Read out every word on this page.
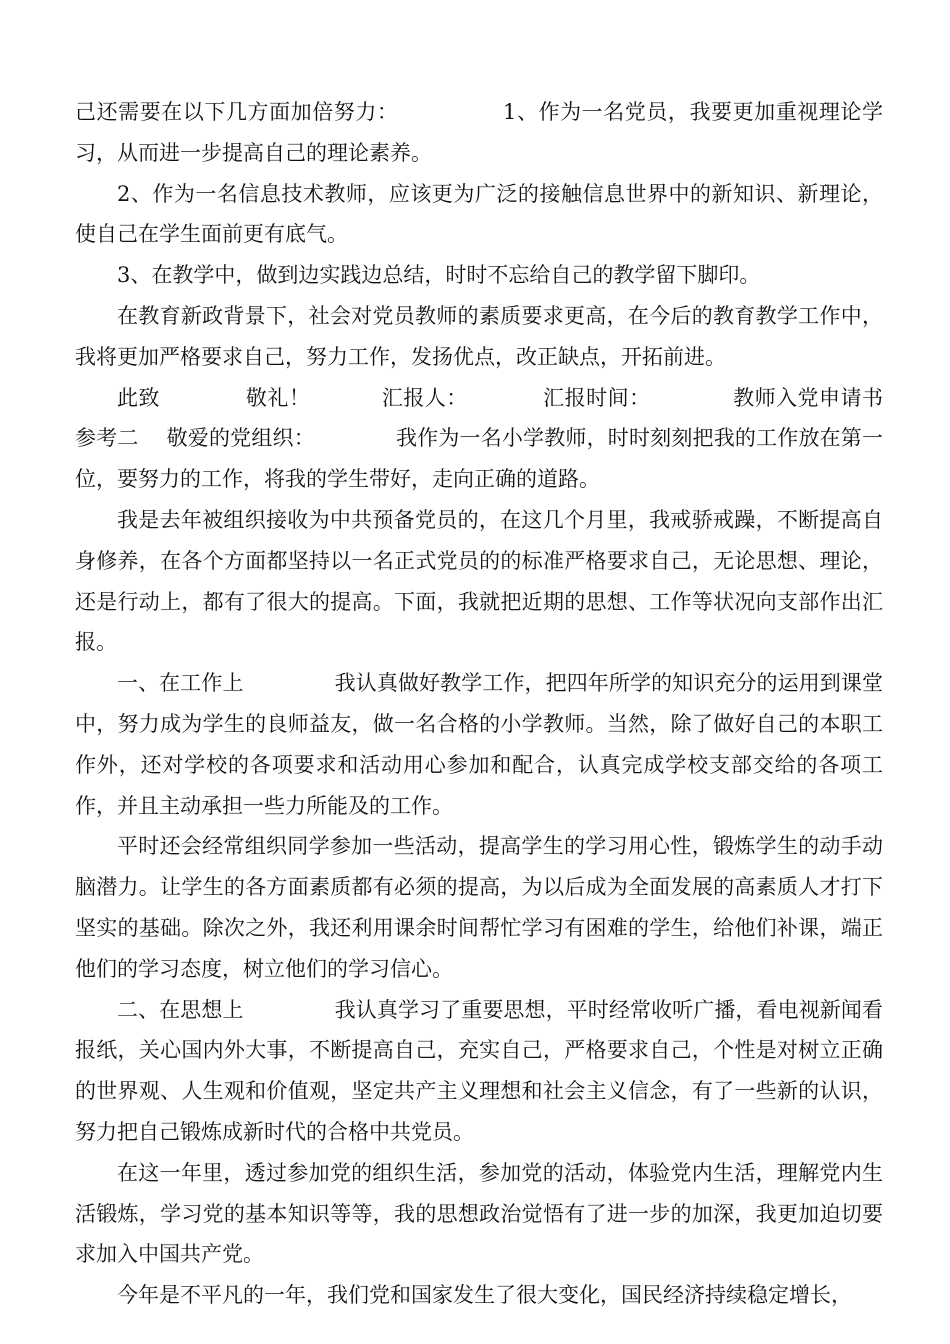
己还需要在以下几方面加倍努力：　　　　　 1、作为一名党员，我要更加重视理论学习，从而进一步提高自己的理论素养。

2、作为一名信息技术教师，应该更为广泛的接触信息世界中的新知识、新理论，使自己在学生面前更有底气。

3、在教学中，做到边实践边总结，时时不忘给自己的教学留下脚印。

在教育新政背景下，社会对党员教师的素质要求更高，在今后的教育教学工作中，我将更加严格要求自己，努力工作，发扬优点，改正缺点，开拓前进。

此致　　　　敬礼！　　　 汇报人：　　　　汇报时间：　　　　 教师入党申请书参考二　 敬爱的党组织：　　　　 我作为一名小学教师，时时刻刻把我的工作放在第一位，要努力的工作，将我的学生带好，走向正确的道路。

我是去年被组织接收为中共预备党员的，在这几个月里，我戒骄戒躁，不断提高自身修养，在各个方面都坚持以一名正式党员的的标准严格要求自己，无论思想、理论，还是行动上，都有了很大的提高。下面，我就把近期的思想、工作等状况向支部作出汇报。

一、在工作上　　　　 我认真做好教学工作，把四年所学的知识充分的运用到课堂中，努力成为学生的良师益友，做一名合格的小学教师。当然，除了做好自己的本职工作外，还对学校的各项要求和活动用心参加和配合，认真完成学校支部交给的各项工作，并且主动承担一些力所能及的工作。

平时还会经常组织同学参加一些活动，提高学生的学习用心性，锻炼学生的动手动脑潜力。让学生的各方面素质都有必须的提高，为以后成为全面发展的高素质人才打下坚实的基础。除次之外，我还利用课余时间帮忙学习有困难的学生，给他们补课，端正他们的学习态度，树立他们的学习信心。

二、在思想上　　　　 我认真学习了重要思想，平时经常收听广播，看电视新闻看报纸，关心国内外大事，不断提高自己，充实自己，严格要求自己，个性是对树立正确的世界观、人生观和价值观，坚定共产主义理想和社会主义信念，有了一些新的认识，努力把自己锻炼成新时代的合格中共党员。

在这一年里，透过参加党的组织生活，参加党的活动，体验党内生活，理解党内生活锻炼，学习党的基本知识等等，我的思想政治觉悟有了进一步的加深，我更加迫切要求加入中国共产党。

今年是不平凡的一年，我们党和国家发生了很大变化，国民经济持续稳定增长，
